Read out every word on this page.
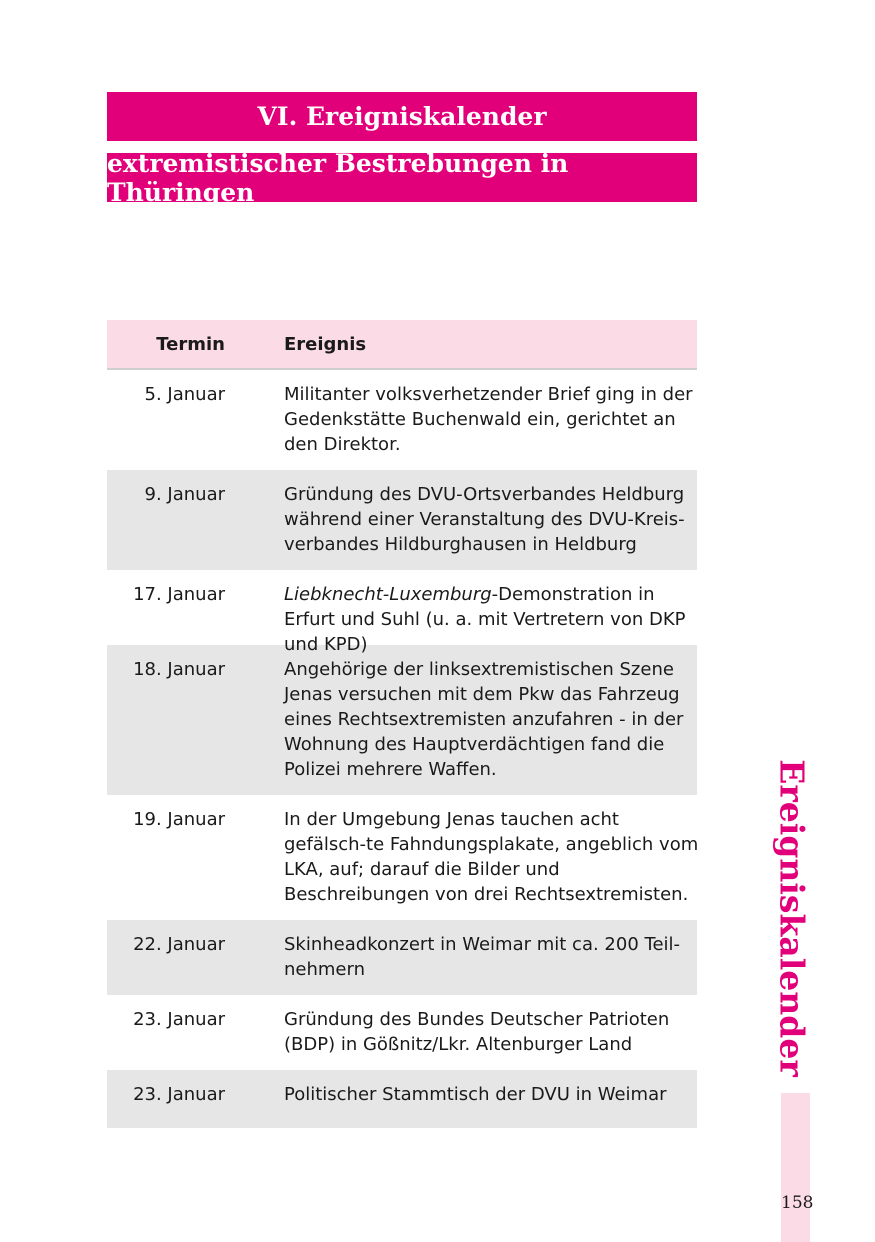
VI. Ereigniskalender
extremistischer Bestrebungen in Thüringen
Termin	Ereignis
5. Januar	Militanter volksverhetzender Brief ging in der Gedenkstätte Buchenwald ein, gerichtet an den Direktor.
9. Januar	Gründung des DVU-Ortsverbandes Heldburg während einer Veranstaltung des DVU-Kreis-verbandes Hildburghausen in Heldburg
17. Januar	Liebknecht-Luxemburg-Demonstration in Erfurt und Suhl (u. a. mit Vertretern von DKP und KPD)
18. Januar	Angehörige der linksextremistischen Szene Jenas versuchen mit dem Pkw das Fahrzeug eines Rechtsextremisten anzufahren - in der Wohnung des Hauptverdächtigen fand die Polizei mehrere Waffen.
19. Januar	In der Umgebung Jenas tauchen acht gefälsch-te Fahndungsplakate, angeblich vom LKA, auf; darauf die Bilder und Beschreibungen von drei Rechtsextremisten.
22. Januar	Skinheadkonzert in Weimar mit ca. 200 Teil-nehmern
23. Januar	Gründung des Bundes Deutscher Patrioten (BDP) in Gößnitz/Lkr. Altenburger Land
23. Januar	Politischer Stammtisch der DVU in Weimar
Ereigniskalender
158
